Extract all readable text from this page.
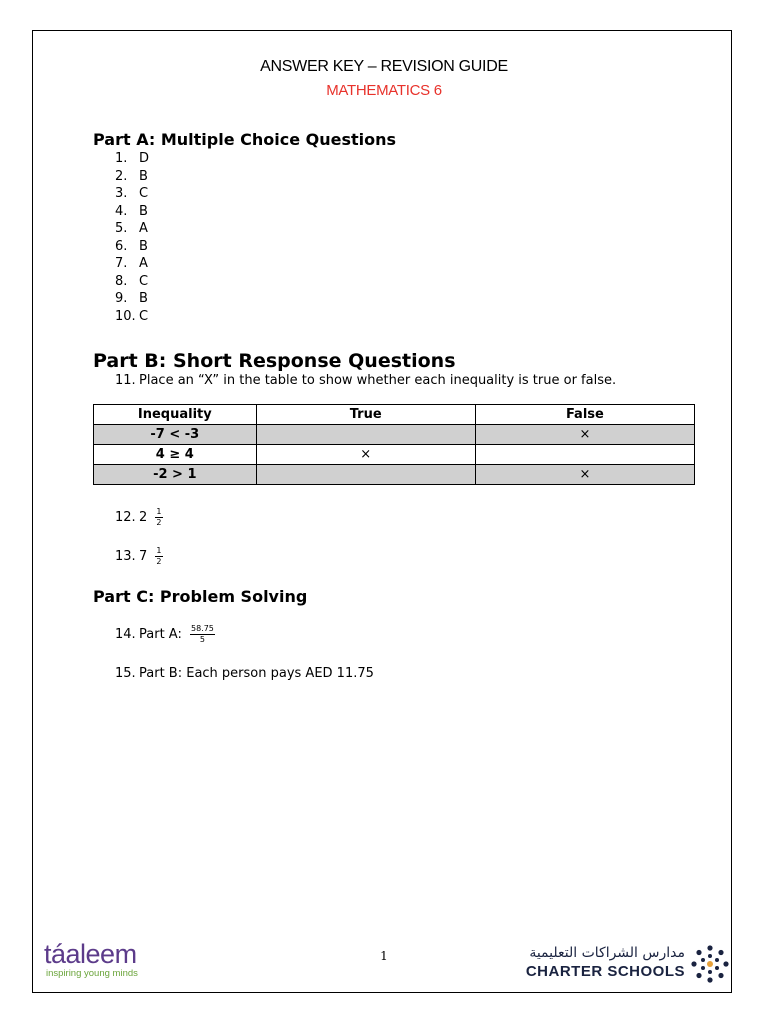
ANSWER KEY – REVISION GUIDE
MATHEMATICS 6
Part A: Multiple Choice Questions
1. D
2. B
3. C
4. B
5. A
6. B
7. A
8. C
9. B
10. C
Part B: Short Response Questions
11. Place an “X” in the table to show whether each inequality is true or false.
Inequality	True	False
-7 < -3		×
4 ≥ 4	×	
-2 > 1		×
12. $2 \frac{1}{2}$
13. $7 \frac{1}{2}$
Part C: Problem Solving
14. Part A: $\frac{58.75}{5}$
15. Part B: Each person pays AED 11.75
1
táaleem
inspiring young minds
مدارس الشراكات التعليمية
CHARTER SCHOOLS
